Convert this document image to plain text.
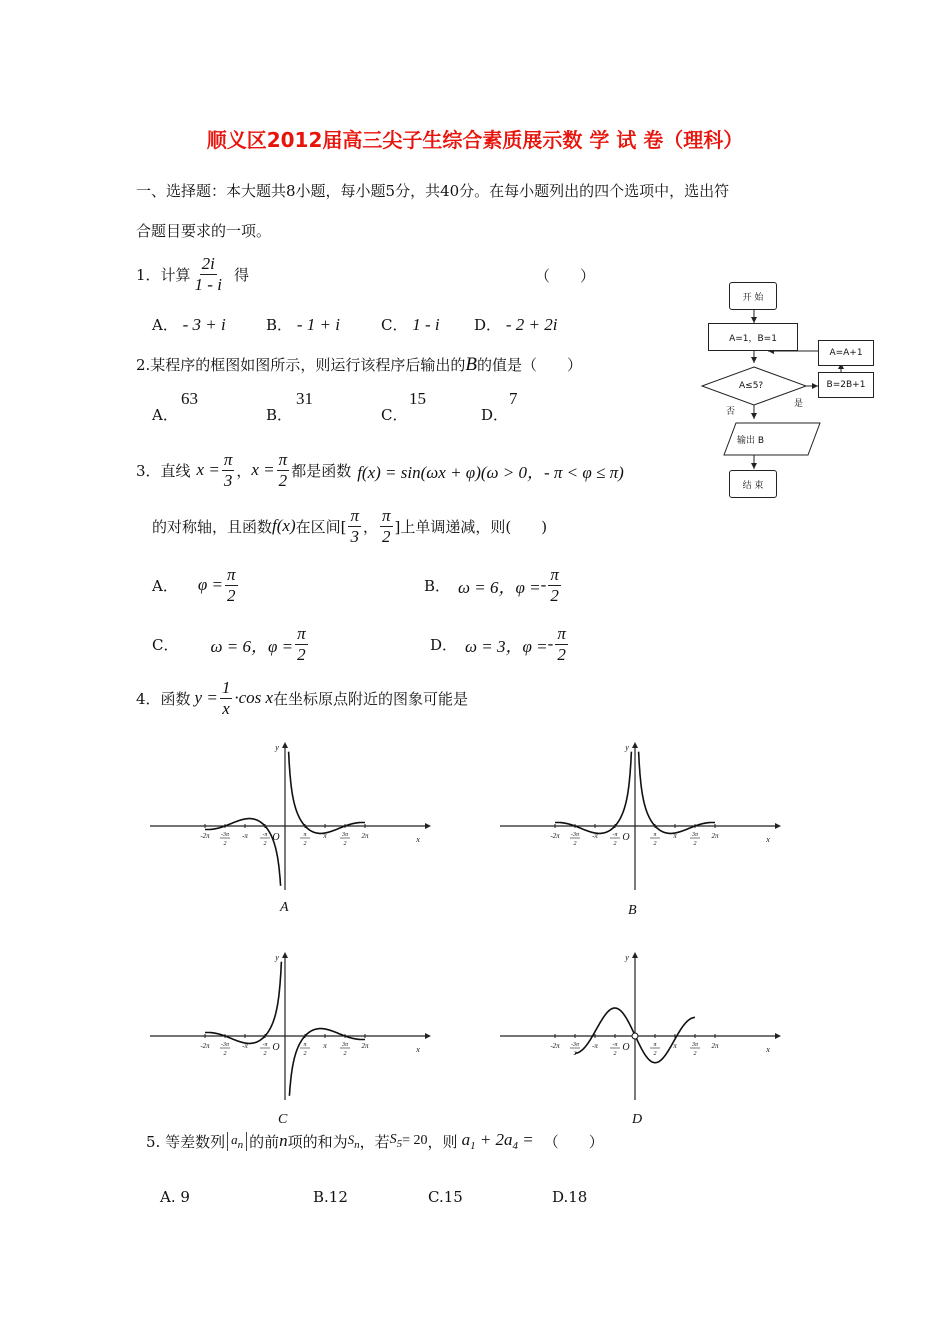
顺义区2012届高三尖子生综合素质展示数 学 试 卷（理科）
一、选择题：本大题共8小题，每小题5分，共40分。在每小题列出的四个选项中，选出符
合题目要求的一项。
1．计算 $\frac{2i}{1 - i}$ 得	（　　）
A． - 3 + i	B． - 1 + i	C． 1 - i D． - 2 + 2i
2.某程序的框图如图所示，则运行该程序后输出的B的值是（　　）
A．
63
B．
31
C．
15
D．
7
开 始
A=1，B=1
A≤5?
A=A+1
B=2B+1
否
是
输出 B
结 束
3．直线 $x = \frac{\pi}{3}$ ， $x = \frac{\pi}{2}$ 都是函数 f(x) = sin(ωx + φ)(ω > 0，- π < φ ≤ π)
的对称轴，且函数 f(x) 在区间[ $\frac{\pi}{3}$ ， $\frac{\pi}{2}$ ]上单调递减，则(　　)
A． $\varphi = \frac{\pi}{2}$	B． ω = 6，φ = - $\frac{\pi}{2}$
C． ω = 6，$\varphi = \frac{\pi}{2}$	D． ω = 3，φ = - $\frac{\pi}{2}$
4．函数 $y = \frac{1}{x} \cdot\cos$ x 在坐标原点附近的图象可能是
y
x
O
-2π -3π
2
-π -π
2
π
2
π	3π
2
2π
y
x
O
-2π -3π
2
-π -π
2
π
2
π	3π
2
2π
y
x
O
-2π -3π
2
-π -π
2
π
2
π	3π
2
2π
y
x
O
-2π -3π
2
-π -π
2
π
2
π	3π
2
2π
A	B
C	D
5. 等差数列 $a_n$ 的前 n 项的和为 $S_n$ ，若 $S_5 = 20$ ，则 $a_1 + 2a_4$ = （　　）
A. 9	B.12	C.15	D.18
